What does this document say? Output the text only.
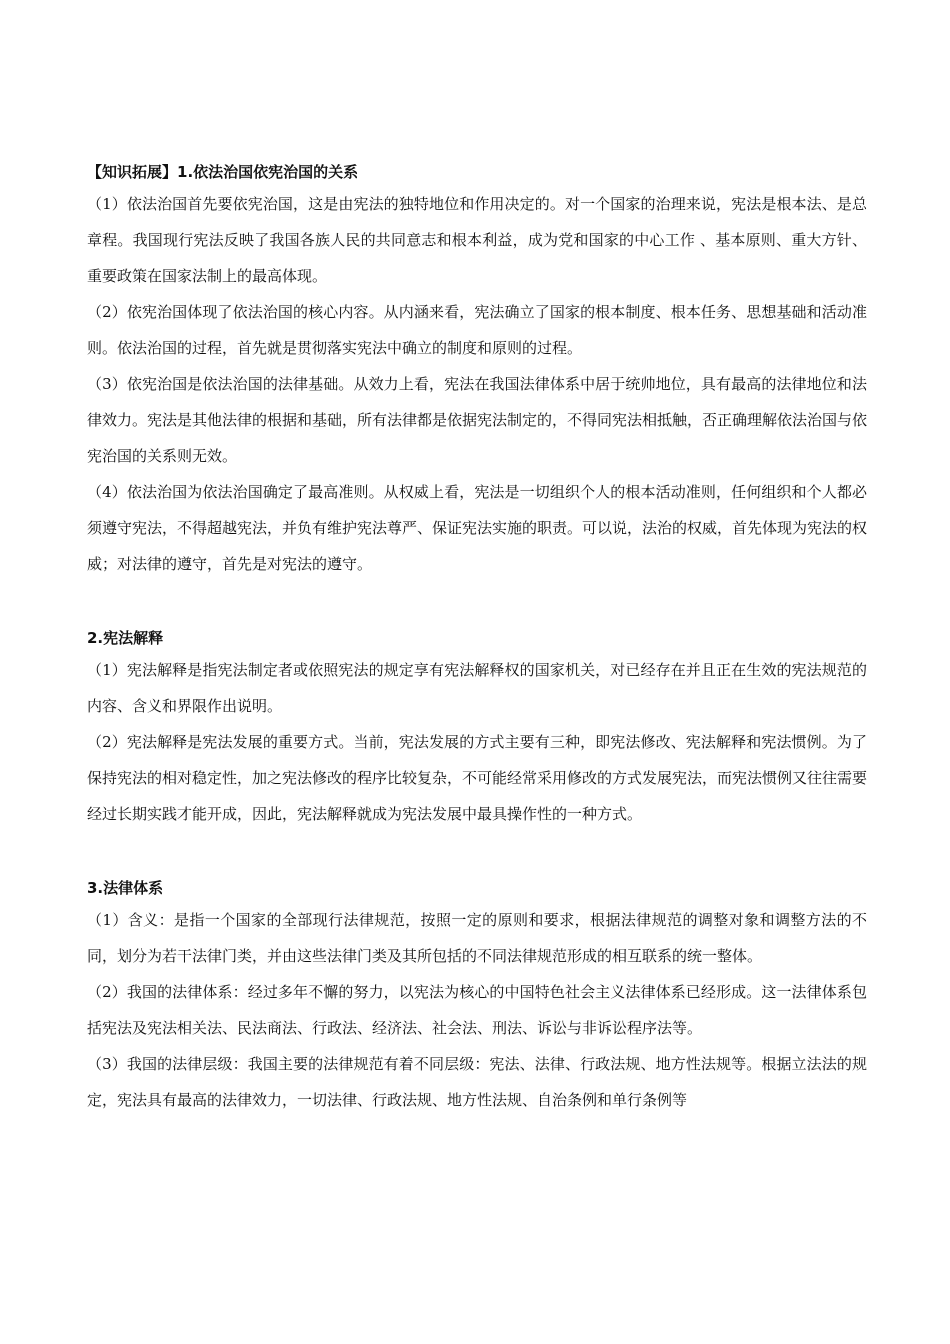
【知识拓展】1.依法治国依宪治国的关系

（1）依法治国首先要依宪治国，这是由宪法的独特地位和作用决定的。对一个国家的治理来说，宪法是根本法、是总章程。我国现行宪法反映了我国各族人民的共同意志和根本利益，成为党和国家的中心工作 、基本原则、重大方针、重要政策在国家法制上的最高体现。

（2）依宪治国体现了依法治国的核心内容。从内涵来看，宪法确立了国家的根本制度、根本任务、思想基础和活动准则。依法治国的过程，首先就是贯彻落实宪法中确立的制度和原则的过程。

（3）依宪治国是依法治国的法律基础。从效力上看，宪法在我国法律体系中居于统帅地位，具有最高的法律地位和法律效力。宪法是其他法律的根据和基础，所有法律都是依据宪法制定的，不得同宪法相抵触，否正确理解依法治国与依宪治国的关系则无效。

（4）依法治国为依法治国确定了最高准则。从权威上看，宪法是一切组织个人的根本活动准则，任何组织和个人都必须遵守宪法，不得超越宪法，并负有维护宪法尊严、保证宪法实施的职责。可以说，法治的权威，首先体现为宪法的权威；对法律的遵守，首先是对宪法的遵守。

2.宪法解释

（1）宪法解释是指宪法制定者或依照宪法的规定享有宪法解释权的国家机关，对已经存在并且正在生效的宪法规范的内容、含义和界限作出说明。

（2）宪法解释是宪法发展的重要方式。当前，宪法发展的方式主要有三种，即宪法修改、宪法解释和宪法惯例。为了保持宪法的相对稳定性，加之宪法修改的程序比较复杂，不可能经常采用修改的方式发展宪法，而宪法惯例又往往需要经过长期实践才能开成，因此，宪法解释就成为宪法发展中最具操作性的一种方式。

3.法律体系

（1）含义：是指一个国家的全部现行法律规范，按照一定的原则和要求，根据法律规范的调整对象和调整方法的不同，划分为若干法律门类，并由这些法律门类及其所包括的不同法律规范形成的相互联系的统一整体。

（2）我国的法律体系：经过多年不懈的努力，以宪法为核心的中国特色社会主义法律体系已经形成。这一法律体系包括宪法及宪法相关法、民法商法、行政法、经济法、社会法、刑法、诉讼与非诉讼程序法等。

（3）我国的法律层级：我国主要的法律规范有着不同层级：宪法、法律、行政法规、地方性法规等。根据立法法的规定，宪法具有最高的法律效力，一切法律、行政法规、地方性法规、自治条例和单行条例等
